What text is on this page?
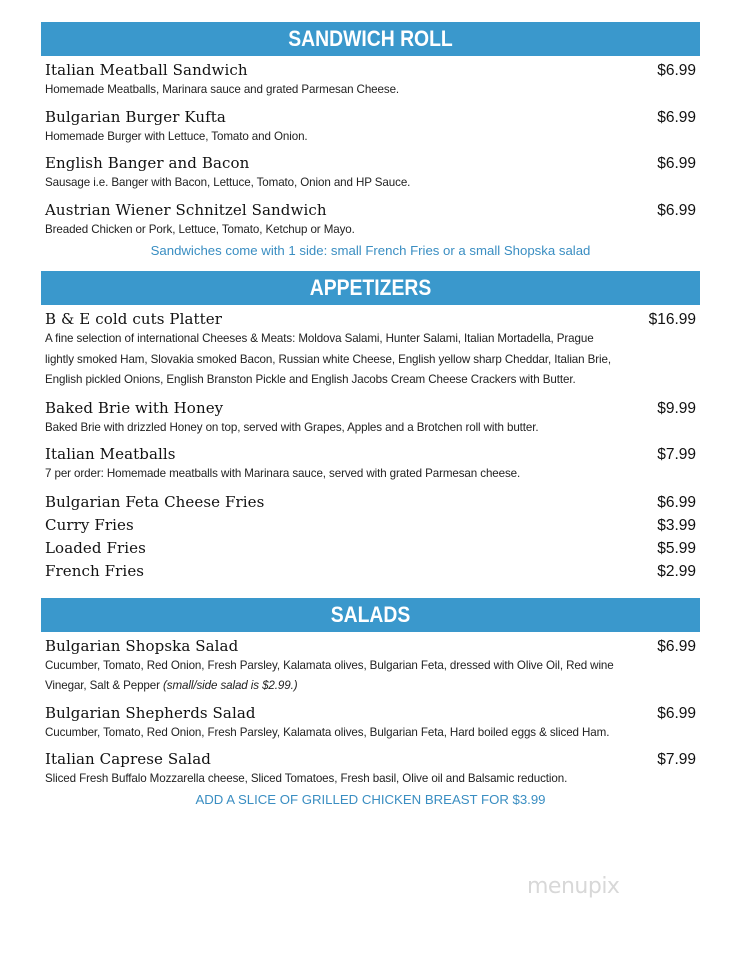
SANDWICH ROLL
Italian Meatball Sandwich	$6.99
Homemade Meatballs, Marinara sauce and grated Parmesan Cheese.
Bulgarian Burger Kufta	$6.99
Homemade Burger with Lettuce, Tomato and Onion.
English Banger and Bacon	$6.99
Sausage i.e. Banger with Bacon, Lettuce, Tomato, Onion and HP Sauce.
Austrian Wiener Schnitzel Sandwich	$6.99
Breaded Chicken or Pork, Lettuce, Tomato, Ketchup or Mayo.
Sandwiches come with 1 side: small French Fries or a small Shopska salad
APPETIZERS
B & E cold cuts Platter	$16.99
A fine selection of international Cheeses & Meats: Moldova Salami, Hunter Salami, Italian Mortadella, Prague
lightly smoked Ham, Slovakia smoked Bacon, Russian white Cheese, English yellow sharp Cheddar, Italian Brie,
English pickled Onions, English Branston Pickle and English Jacobs Cream Cheese Crackers with Butter.
Baked Brie with Honey	$9.99
Baked Brie with drizzled Honey on top, served with Grapes, Apples and a Brotchen roll with butter.
Italian Meatballs	$7.99
7 per order: Homemade meatballs with Marinara sauce, served with grated Parmesan cheese.
Bulgarian Feta Cheese Fries	$6.99
Curry Fries	$3.99
Loaded Fries	$5.99
French Fries	$2.99
SALADS
Bulgarian Shopska Salad	$6.99
Cucumber, Tomato, Red Onion, Fresh Parsley, Kalamata olives, Bulgarian Feta, dressed with Olive Oil, Red wine
Vinegar, Salt & Pepper (small/side salad is $2.99.)
Bulgarian Shepherds Salad	$6.99
Cucumber, Tomato, Red Onion, Fresh Parsley, Kalamata olives, Bulgarian Feta, Hard boiled eggs & sliced Ham.
Italian Caprese Salad	$7.99
Sliced Fresh Buffalo Mozzarella cheese, Sliced Tomatoes, Fresh basil, Olive oil and Balsamic reduction.
ADD A SLICE OF GRILLED CHICKEN BREAST FOR $3.99
menupix
